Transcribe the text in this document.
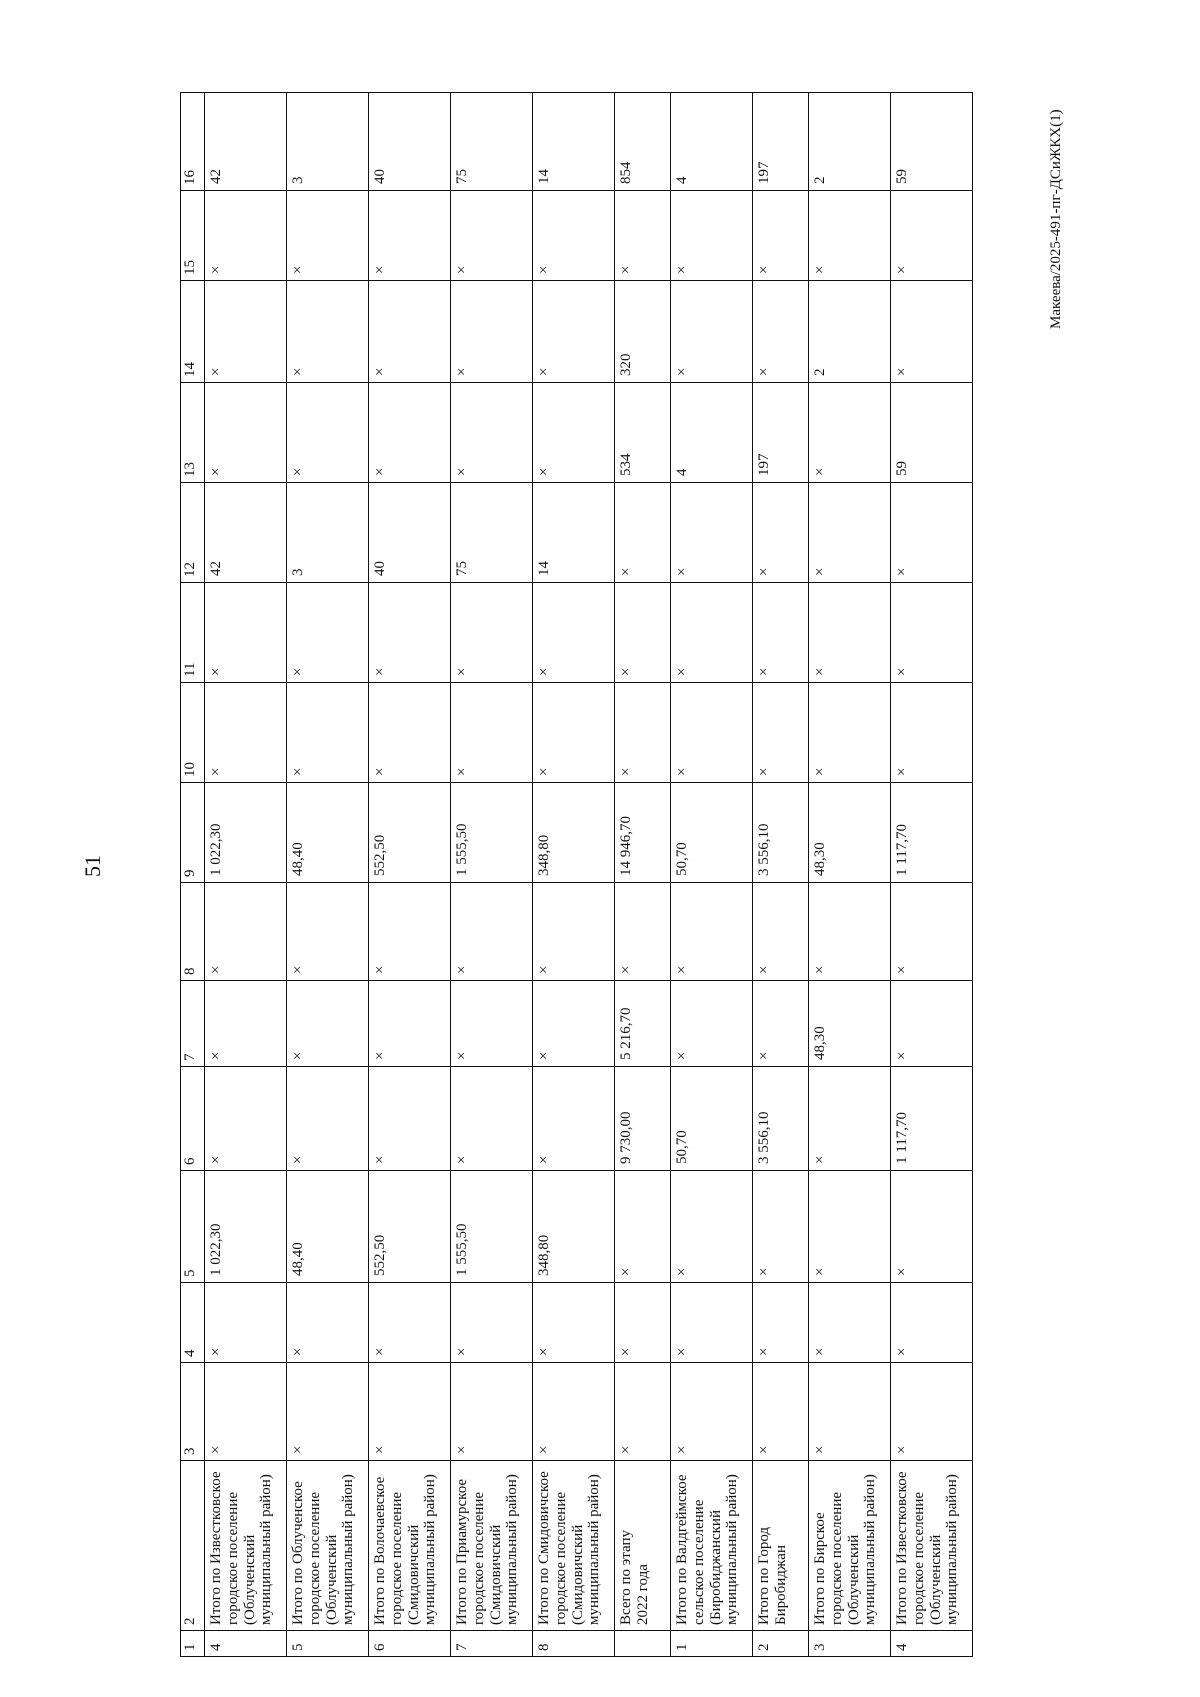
51
1	2	3	4	5	6	7	8	9	10	11	12	13	14	15	16
4	Итого по Известковское городское поселение (Облученский муниципальный район)	×	×	1 022,30	×	×	×	1 022,30	×	×	42	×	×	×	42
5	Итого по Облученское городское поселение (Облученский муниципальный район)	×	×	48,40	×	×	×	48,40	×	×	3	×	×	×	3
6	Итого по Волочаевское городское поселение (Смидовичский муниципальный район)	×	×	552,50	×	×	×	552,50	×	×	40	×	×	×	40
7	Итого по Приамурское городское поселение (Смидовичский муниципальный район)	×	×	1 555,50	×	×	×	1 555,50	×	×	75	×	×	×	75
8	Итого по Смидовичское городское поселение (Смидовичский муниципальный район)	×	×	348,80	×	×	×	348,80	×	×	14	×	×	×	14

	Всего по этапу 2022 года	×	×	×	9 730,00	5 216,70	×	14 946,70	×	×	×	534	320	×	854
1	Итого по Валдгеймское сельское поселение (Биробиджанский муниципальный район)	×	×	×	50,70	×	×	50,70	×	×	×	4	×	×	4
2	Итого по Город Биробиджан	×	×	×	3 556,10	×	×	3 556,10	×	×	×	197	×	×	197
3	Итого по Бирское городское поселение (Облученский муниципальный район)	×	×	×	×	48,30	×	48,30	×	×	×	×	2	×	2
4	Итого по Известковское городское поселение (Облученский муниципальный район)	×	×	×	1 117,70	×	×	1 117,70	×	×	×	59	×	×	59	Макеева/2025-491-пг-ДСиЖКХ(1)
